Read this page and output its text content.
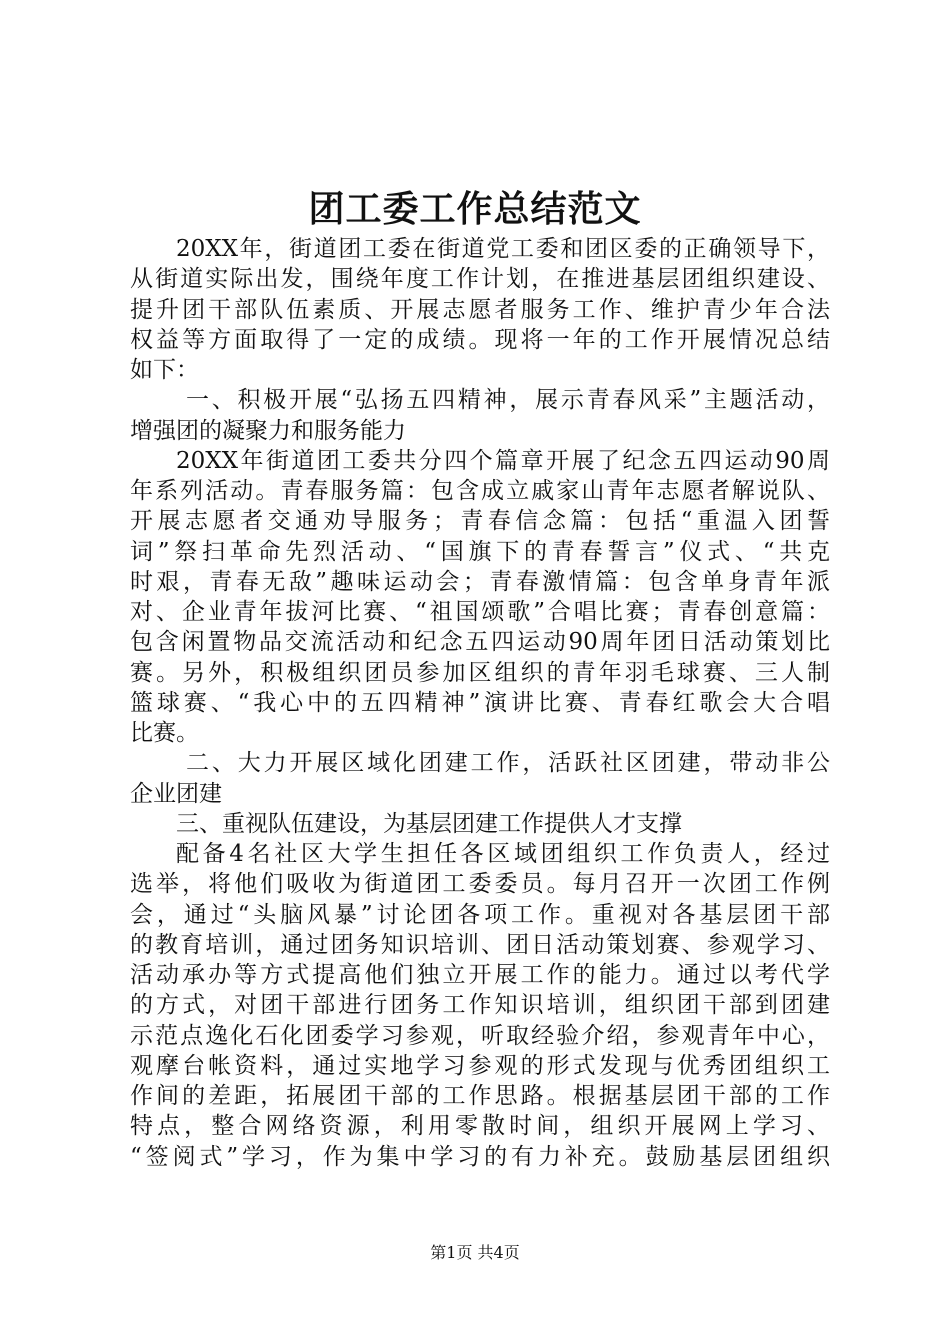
团工委工作总结范文
20XX年，街道团工委在街道党工委和团区委的正确领导下，
从街道实际出发，围绕年度工作计划，在推进基层团组织建设、
提升团干部队伍素质、开展志愿者服务工作、维护青少年合法
权益等方面取得了一定的成绩。现将一年的工作开展情况总结
如下：
一、积极开展“弘扬五四精神，展示青春风采”主题活动，
增强团的凝聚力和服务能力
20XX年街道团工委共分四个篇章开展了纪念五四运动90周
年系列活动。青春服务篇：包含成立戚家山青年志愿者解说队、
开展志愿者交通劝导服务；青春信念篇：包括“重温入团誓
词”祭扫革命先烈活动、“国旗下的青春誓言”仪式、“共克
时艰，青春无敌”趣味运动会；青春激情篇：包含单身青年派
对、企业青年拔河比赛、“祖国颂歌”合唱比赛；青春创意篇：
包含闲置物品交流活动和纪念五四运动90周年团日活动策划比
赛。另外，积极组织团员参加区组织的青年羽毛球赛、三人制
篮球赛、“我心中的五四精神”演讲比赛、青春红歌会大合唱
比赛。
二、大力开展区域化团建工作，活跃社区团建，带动非公
企业团建
三、重视队伍建设，为基层团建工作提供人才支撑
配备4名社区大学生担任各区域团组织工作负责人，经过
选举，将他们吸收为街道团工委委员。每月召开一次团工作例
会，通过“头脑风暴”讨论团各项工作。重视对各基层团干部
的教育培训，通过团务知识培训、团日活动策划赛、参观学习、
活动承办等方式提高他们独立开展工作的能力。通过以考代学
的方式，对团干部进行团务工作知识培训，组织团干部到团建
示范点逸化石化团委学习参观，听取经验介绍，参观青年中心，
观摩台帐资料，通过实地学习参观的形式发现与优秀团组织工
作间的差距，拓展团干部的工作思路。根据基层团干部的工作
特点，整合网络资源，利用零散时间，组织开展网上学习、
“签阅式”学习，作为集中学习的有力补充。鼓励基层团组织
第1页 共4页
